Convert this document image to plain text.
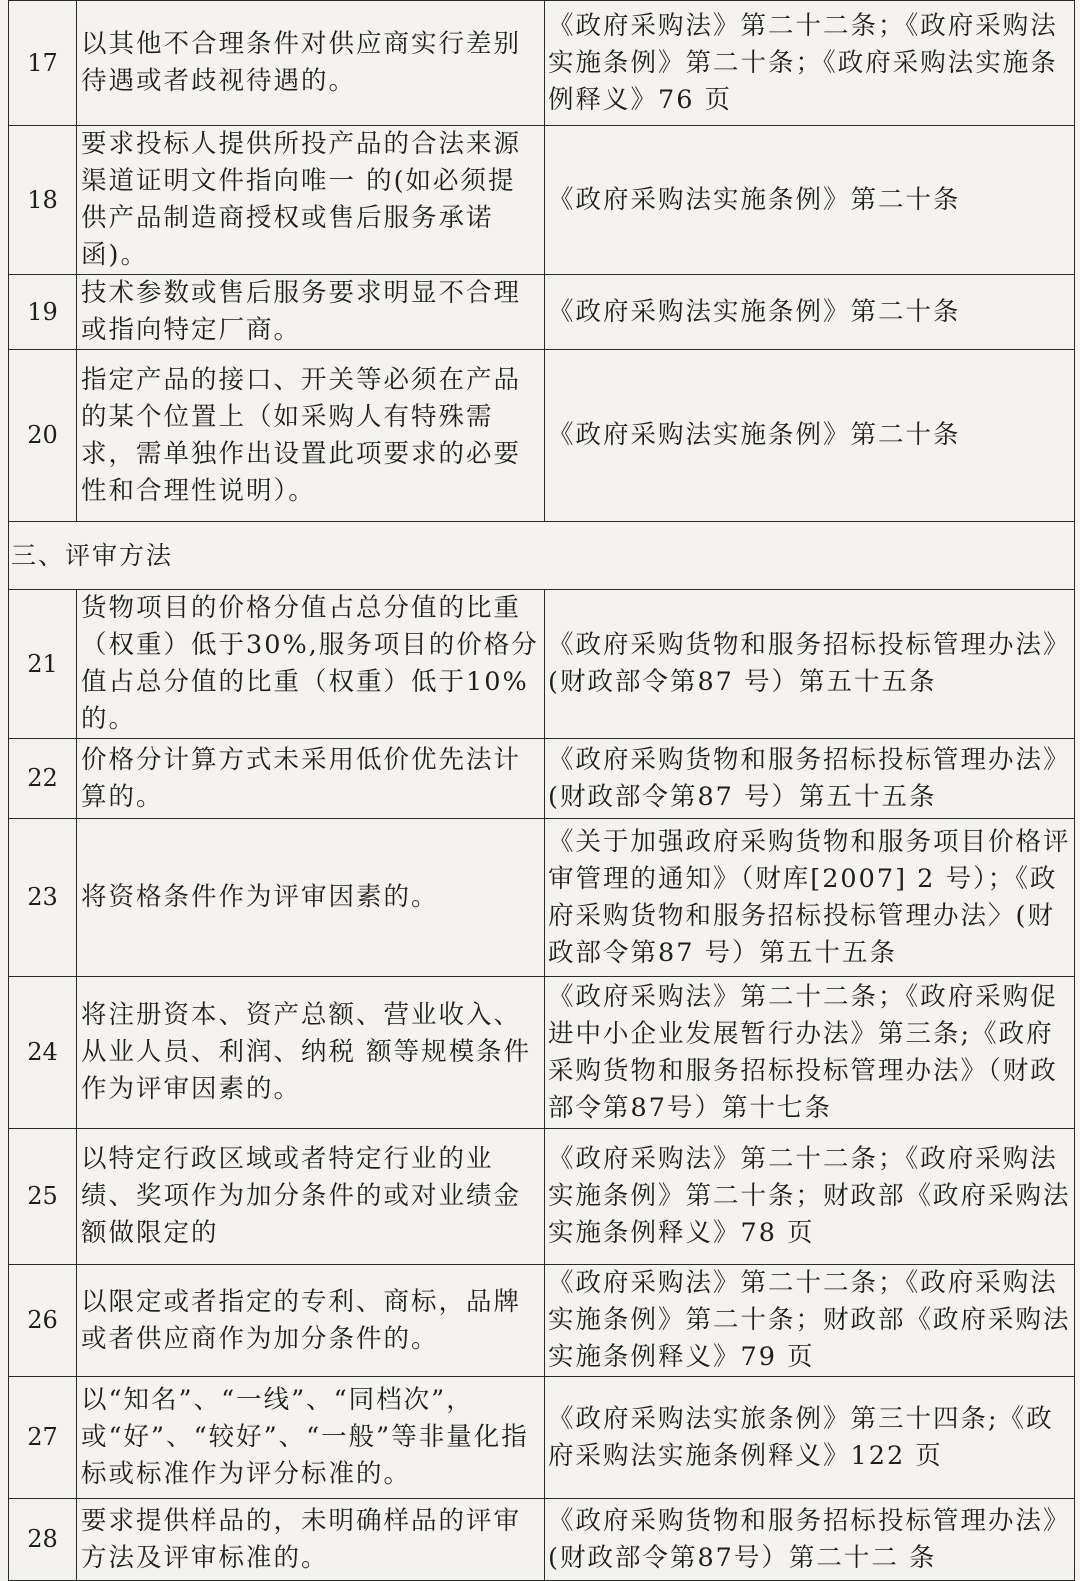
17	以其他不合理条件对供应商实行差别待遇或者歧视待遇的。	《政府采购法》第二十二条；《政府采购法实施条例》第二十条；《政府采购法实施条例释义》76 页
18	要求投标人提供所投产品的合法来源渠道证明文件指向唯一 的(如必须提供产品制造商授权或售后服务承诺函)。	《政府采购法实施条例》第二十条
19	技术参数或售后服务要求明显不合理或指向特定厂商。	《政府采购法实施条例》第二十条
20	指定产品的接口、开关等必须在产品的某个位置上（如采购人有特殊需求，需单独作出设置此项要求的必要性和合理性说明）。	《政府采购法实施条例》第二十条
三、评审方法		
21	货物项目的价格分值占总分值的比重（权重）低于30%,服务项目的价格分值占总分值的比重（权重）低于10%的。	《政府采购货物和服务招标投标管理办法》(财政部令第87 号）第五十五条
22	价格分计算方式未采用低价优先法计算的。	《政府采购货物和服务招标投标管理办法》(财政部令第87 号）第五十五条
23	将资格条件作为评审因素的。	《关于加强政府采购货物和服务项目价格评审管理的通知》（财库[2007] 2 号）；《政府采购货物和服务招标投标管理办法〉(财政部令第87 号）第五十五条
24	将注册资本、资产总额、营业收入、从业人员、利润、纳税 额等规模条件作为评审因素的。	《政府采购法》第二十二条；《政府采购促进中小企业发展暂行办法》第三条;《政府采购货物和服务招标投标管理办法》（财政部令第87号）第十七条
25	以特定行政区域或者特定行业的业绩、奖项作为加分条件的或对业绩金额做限定的	《政府采购法》第二十二条；《政府采购法实施条例》第二十条；财政部《政府采购法实施条例释义》78 页
26	以限定或者指定的专利、商标，品牌或者供应商作为加分条件的。	《政府采购法》第二十二条；《政府采购法实施条例》第二十条；财政部《政府采购法实施条例释义》79 页
27	以“知名”、“一线”、“同档次”，或“好”、“较好”、“一般”等非量化指标或标准作为评分标准的。	《政府采购法实旅条例》第三十四条;《政府采购法实施条例释义》122 页
28	要求提供样品的，未明确样品的评审方法及评审标准的。	《政府采购货物和服务招标投标管理办法》(财政部令第87号）第二十二 条
